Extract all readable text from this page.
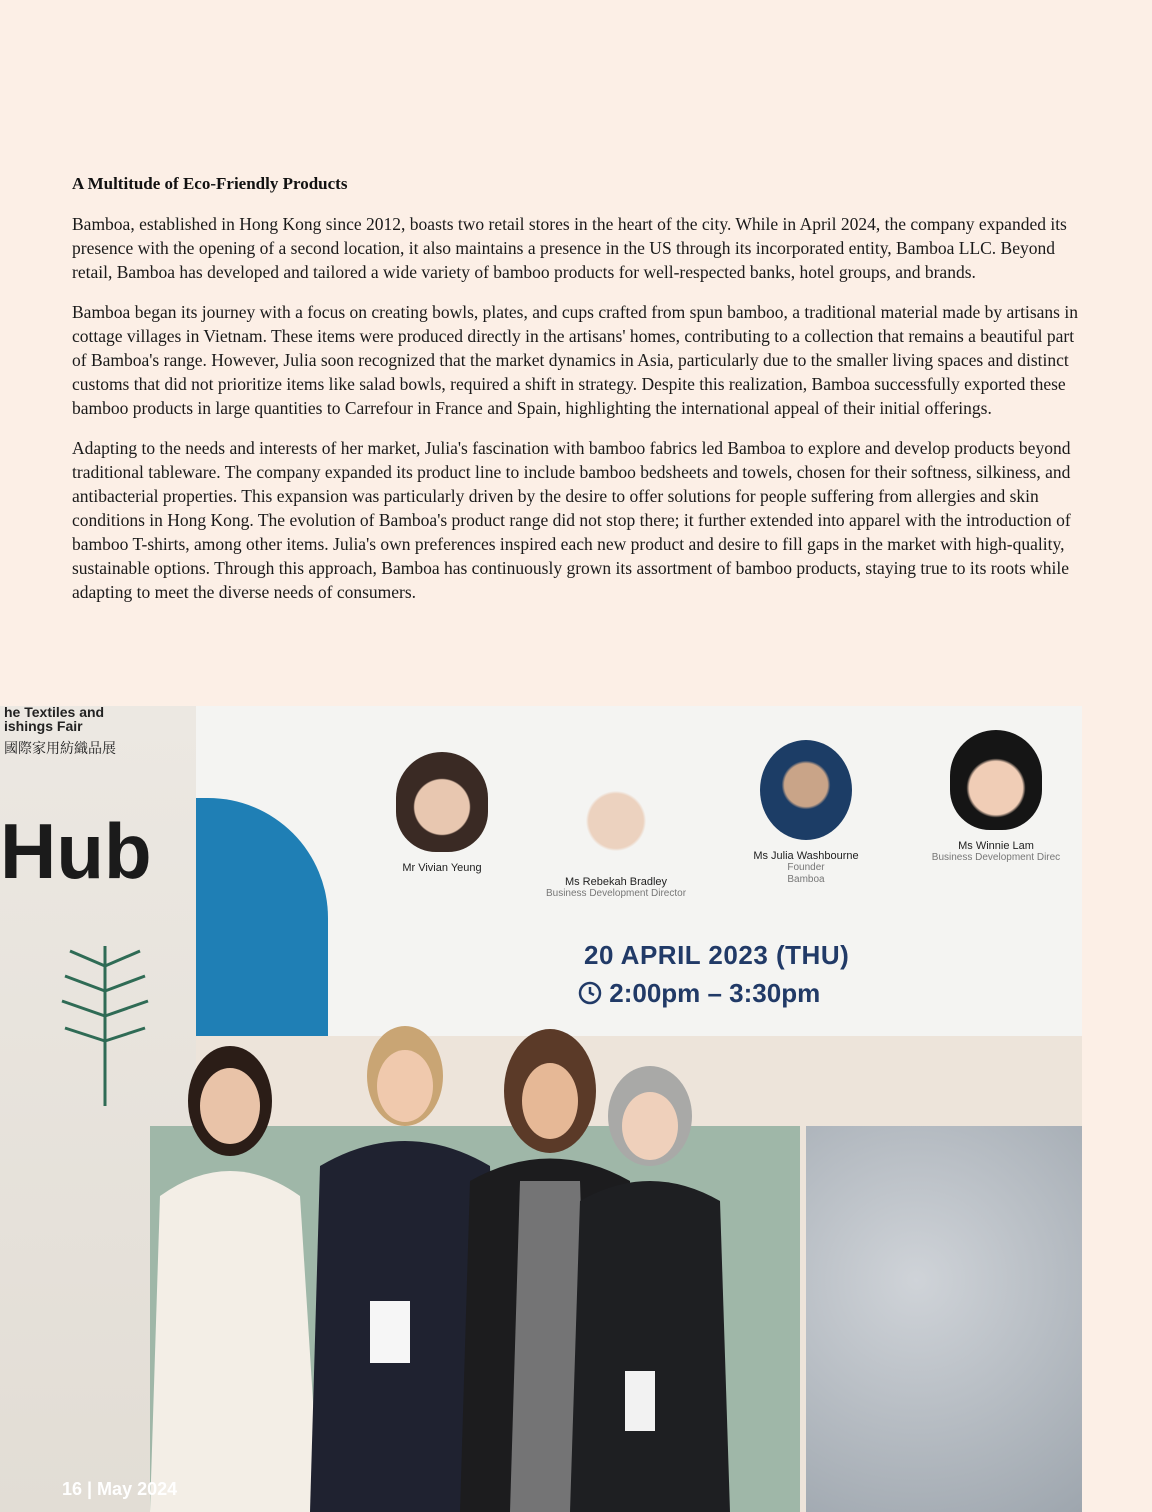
A Multitude of Eco-Friendly Products

Bamboa, established in Hong Kong since 2012, boasts two retail stores in the heart of the city. While in April 2024, the company expanded its presence with the opening of a second location, it also maintains a presence in the US through its incorporated entity, Bamboa LLC. Beyond retail, Bamboa has developed and tailored a wide variety of bamboo products for well-respected banks, hotel groups, and brands.

Bamboa began its journey with a focus on creating bowls, plates, and cups crafted from spun bamboo, a traditional material made by artisans in cottage villages in Vietnam. These items were produced directly in the artisans' homes, contributing to a collection that remains a beautiful part of Bamboa's range. However, Julia soon recognized that the market dynamics in Asia, particularly due to the smaller living spaces and distinct customs that did not prioritize items like salad bowls, required a shift in strategy. Despite this realization, Bamboa successfully exported these bamboo products in large quantities to Carrefour in France and Spain, highlighting the international appeal of their initial offerings.

Adapting to the needs and interests of her market, Julia's fascination with bamboo fabrics led Bamboa to explore and develop products beyond traditional tableware. The company expanded its product line to include bamboo bedsheets and towels, chosen for their softness, silkiness, and antibacterial properties. This expansion was particularly driven by the desire to offer solutions for people suffering from allergies and skin conditions in Hong Kong. The evolution of Bamboa's product range did not stop there; it further extended into apparel with the introduction of bamboo T-shirts, among other items. Julia's own preferences inspired each new product and desire to fill gaps in the market with high-quality, sustainable options. Through this approach, Bamboa has continuously grown its assortment of bamboo products, staying true to its roots while adapting to meet the diverse needs of consumers.

he Textiles and
ishings Fair
國際家用紡織品展
Hub	Mr Vivian Yeung
Ms Rebekah Bradley
Business Development Director
Ms Julia Washbourne
Founder
Bamboa
Ms Winnie Lam
Business Development Direc
20 APRIL 2023 (THU)
2:00pm – 3:30pm
16 | May 2024
